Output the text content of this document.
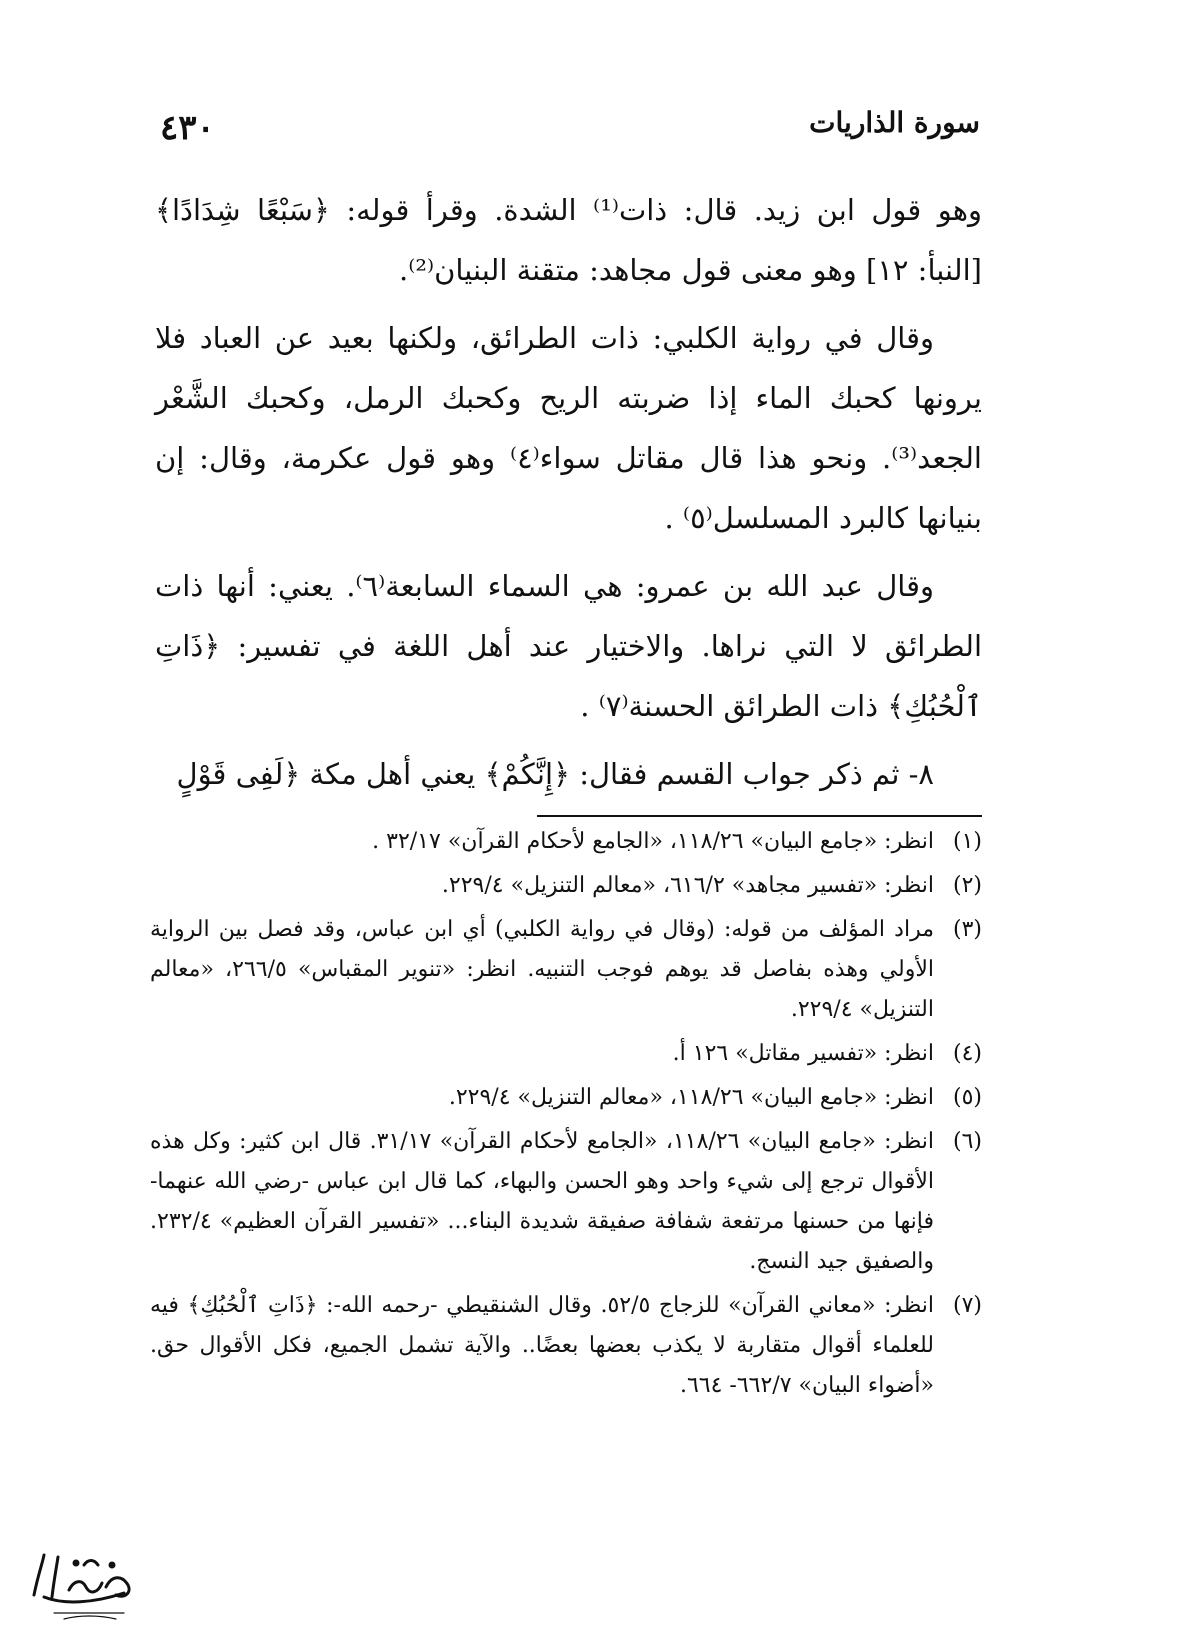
٤٣٠	سورة الذاريات

وهو قول ابن زيد. قال: ذات⁽¹⁾ الشدة. وقرأ قوله: ﴿سَبْعًا شِدَادًا﴾ [النبأ: ١٢] وهو معنى قول مجاهد: متقنة البنيان⁽²⁾.

وقال في رواية الكلبي: ذات الطرائق، ولكنها بعيد عن العباد فلا يرونها كحبك الماء إذا ضربته الريح وكحبك الرمل، وكحبك الشَّعْر الجعد⁽³⁾. ونحو هذا قال مقاتل سواء⁽٤⁾ وهو قول عكرمة، وقال: إن بنيانها كالبرد المسلسل⁽٥⁾ .

وقال عبد الله بن عمرو: هي السماء السابعة⁽٦⁾. يعني: أنها ذات الطرائق لا التي نراها. والاختيار عند أهل اللغة في تفسير: ﴿ذَاتِ ٱلْحُبُكِ﴾ ذات الطرائق الحسنة⁽٧⁾ .

٨- ثم ذكر جواب القسم فقال: ﴿إِنَّكُمْ﴾ يعني أهل مكة ﴿لَفِى قَوْلٍ

(١)
انظر: «جامع البيان» ١١٨/٢٦، «الجامع لأحكام القرآن» ٣٢/١٧ .
(٢)
انظر: «تفسير مجاهد» ٦١٦/٢، «معالم التنزيل» ٢٢٩/٤.
(٣)
مراد المؤلف من قوله: (وقال في رواية الكلبي) أي ابن عباس، وقد فصل بين الرواية الأولي وهذه بفاصل قد يوهم فوجب التنبيه. انظر: «تنوير المقباس» ٢٦٦/٥، «معالم التنزيل» ٢٢٩/٤.
(٤)
انظر: «تفسير مقاتل» ١٢٦ أ.
(٥)
انظر: «جامع البيان» ١١٨/٢٦، «معالم التنزيل» ٢٢٩/٤.
(٦)
انظر: «جامع البيان» ١١٨/٢٦، «الجامع لأحكام القرآن» ٣١/١٧. قال ابن كثير: وكل هذه الأقوال ترجع إلى شيء واحد وهو الحسن والبهاء، كما قال ابن عباس -رضي الله عنهما- فإنها من حسنها مرتفعة شفافة صفيقة شديدة البناء... «تفسير القرآن العظيم» ٢٣٢/٤. والصفيق جيد النسج.
(٧)
انظر: «معاني القرآن» للزجاج ٥٢/٥. وقال الشنقيطي -رحمه الله-: ﴿ذَاتِ ٱلْحُبُكِ﴾ فيه للعلماء أقوال متقاربة لا يكذب بعضها بعضًا.. والآية تشمل الجميع، فكل الأقوال حق. «أضواء البيان» ٦٦٢/٧- ٦٦٤.
